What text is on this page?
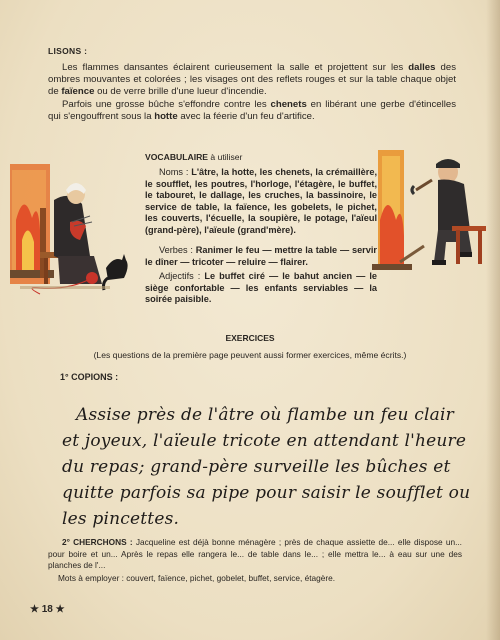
LISONS :
Les flammes dansantes éclairent curieusement la salle et projettent sur les dalles des ombres mouvantes et colorées ; les visages ont des reflets rouges et sur la table chaque objet de faïence ou de verre brille d'une lueur d'incendie.
Parfois une grosse bûche s'effondre contre les chenets en libérant une gerbe d'étincelles qui s'engouffrent sous la hotte avec la féerie d'un feu d'artifice.
VOCABULAIRE à utiliser
Noms : L'âtre, la hotte, les chenets, la crémaillère, le soufflet, les poutres, l'horloge, l'étagère, le buffet, le tabouret, le dallage, les cruches, la bassinoire, le service de table, la faïence, les gobelets, le pichet, les couverts, l'écuelle, la soupière, le potage, l'aïeul (grand-père), l'aïeule (grand'mère).
Verbes : Ranimer le feu — mettre la table — servir le dîner — tricoter — reluire — flairer.
Adjectifs : Le buffet ciré — le bahut ancien — le siège confortable — les enfants serviables — la soirée paisible.
EXERCICES
(Les questions de la première page peuvent aussi former exercices, même écrits.)
1° COPIONS :
Assise près de l'âtre où flambe un feu clair et joyeux, l'aïeule tricote en attendant l'heure du repas; grand-père surveille les bûches et quitte parfois sa pipe pour saisir le soufflet ou les pincettes.
2° CHERCHONS : Jacqueline est déjà bonne ménagère ; près de chaque assiette de... elle dispose un... pour boire et un... Après le repas elle rangera le... de table dans le... ; elle mettra le... à eau sur une des planches de l'...
Mots à employer : couvert, faïence, pichet, gobelet, buffet, service, étagère.
★ 18 ★
